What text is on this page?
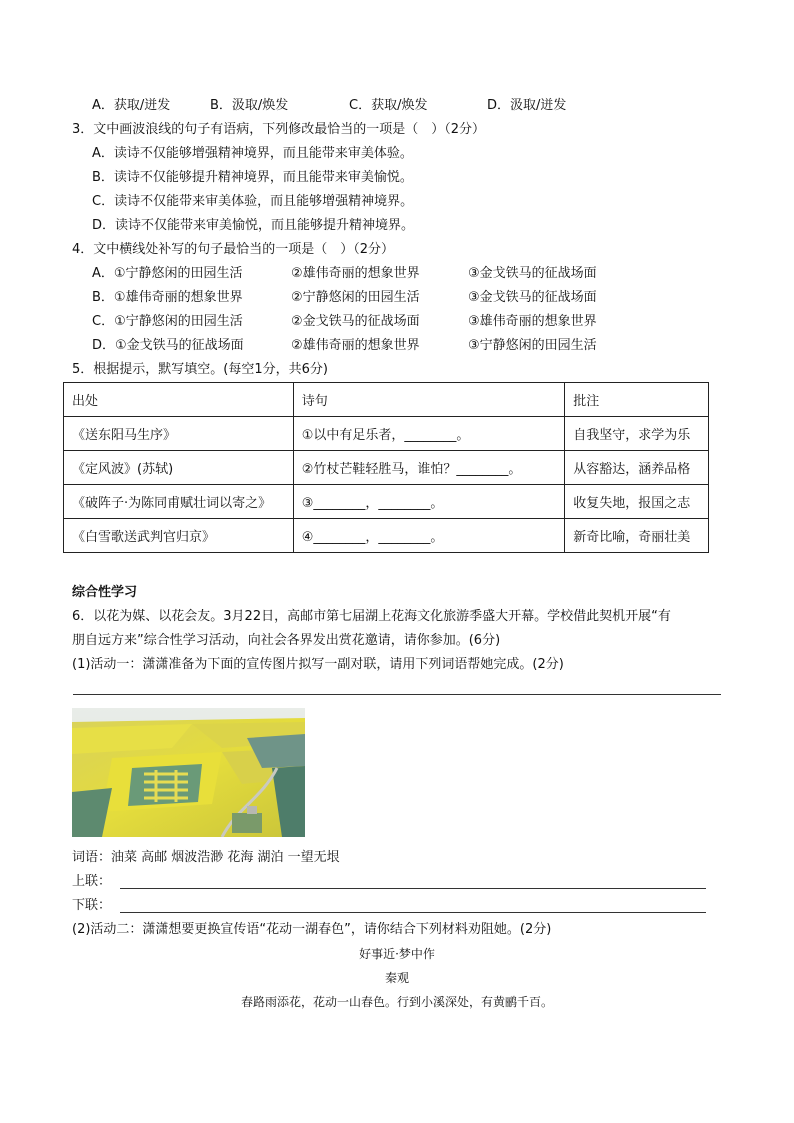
A．获取/迸发	B．汲取/焕发	C．获取/焕发	D．汲取/迸发
3．文中画波浪线的句子有语病，下列修改最恰当的一项是（　）（2分）
A．读诗不仅能够增强精神境界，而且能带来审美体验。
B．读诗不仅能够提升精神境界，而且能带来审美愉悦。
C．读诗不仅能带来审美体验，而且能够增强精神境界。
D．读诗不仅能带来审美愉悦，而且能够提升精神境界。
4．文中横线处补写的句子最恰当的一项是（　）（2分）
A．①宁静悠闲的田园生活	②雄伟奇丽的想象世界	③金戈铁马的征战场面
B．①雄伟奇丽的想象世界	②宁静悠闲的田园生活	③金戈铁马的征战场面
C．①宁静悠闲的田园生活	②金戈铁马的征战场面	③雄伟奇丽的想象世界
D．①金戈铁马的征战场面	②雄伟奇丽的想象世界	③宁静悠闲的田园生活
5．根据提示，默写填空。(每空1分，共6分)
出处	诗句	批注
《送东阳马生序》	①以中有足乐者，________。	自我坚守，求学为乐
《定风波》(苏轼)	②竹杖芒鞋轻胜马，谁怕？________。	从容豁达，涵养品格
《破阵子·为陈同甫赋壮词以寄之》	③________，________。	收复失地，报国之志
《白雪歌送武判官归京》	④________，________。	新奇比喻，奇丽壮美
综合性学习
6．以花为媒、以花会友。3月22日，高邮市第七届湖上花海文化旅游季盛大开幕。学校借此契机开展“有
朋自远方来”综合性学习活动，向社会各界发出赏花邀请，请你参加。(6分)
(1)活动一：潇潇准备为下面的宣传图片拟写一副对联，请用下列词语帮她完成。(2分)
词语：油菜 高邮 烟波浩渺 花海 湖泊 一望无垠
上联：
下联：
(2)活动二：潇潇想要更换宣传语“花动一湖春色”，请你结合下列材料劝阻她。(2分)
好事近·梦中作
秦观
春路雨添花，花动一山春色。行到小溪深处，有黄鹂千百。
